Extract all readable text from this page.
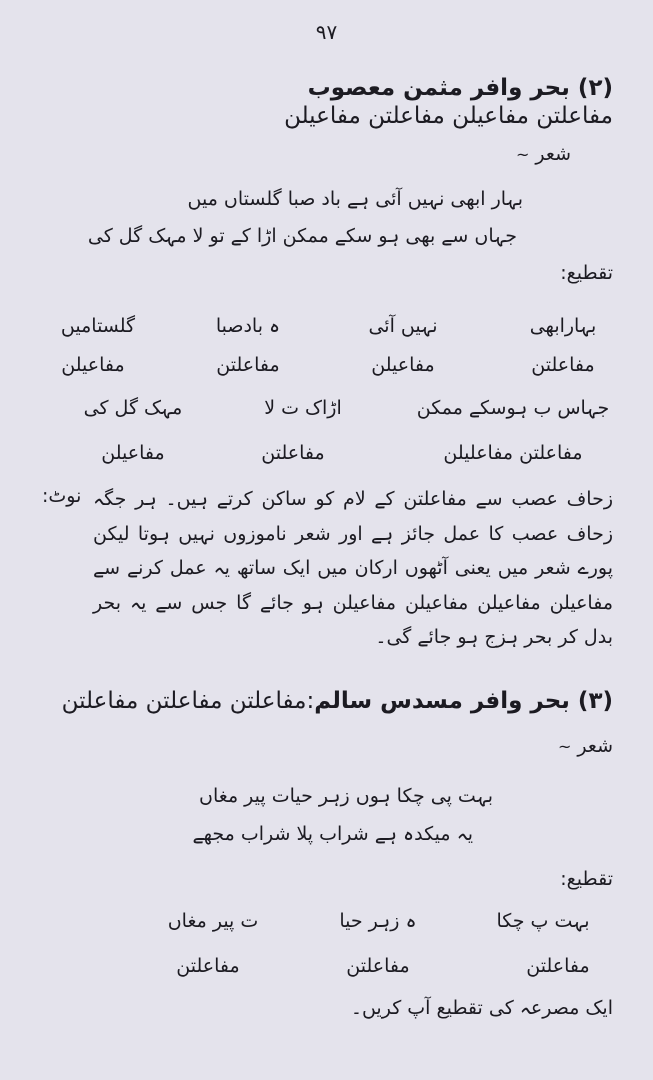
۹۷
(۲) بحر وافر مثمن معصوب
مفاعلتن مفاعیلن مفاعلتن مفاعیلن
شعر ~
بہار ابھی نہیں آئی ہے باد صبا گلستاں میں
جہاں سے بھی ہو سکے ممکن اڑا کے تو لا مہک گل کی
تقطیع:
بہارابھی
نہیں آئی
ہ بادصبا
گلستامیں
مفاعلتن
مفاعیلن
مفاعلتن
مفاعیلن
جہاس ب ہوسکے ممکن
اڑاک ت لا
مہک گل کی
مفاعلتن مفاعلیلن
مفاعلتن
مفاعیلن
نوٹ: زحاف عصب سے مفاعلتن کے لام کو ساکن کرتے ہیں۔ ہر جگہ زحاف عصب کا عمل جائز ہے اور شعر ناموزوں نہیں ہوتا لیکن پورے شعر میں یعنی آٹھوں ارکان میں ایک ساتھ یہ عمل کرنے سے مفاعیلن مفاعیلن مفاعیلن مفاعیلن ہو جائے گا جس سے یہ بحر بدل کر بحر ہزج ہو جائے گی۔
(۳) بحر وافر مسدس سالم:مفاعلتن مفاعلتن مفاعلتن
شعر ~
بہت پی چکا ہوں زہر حیات پیر مغاں
یہ میکدہ ہے شراب پلا شراب مجھے
تقطیع:
بہت پ چکا
ہ زہر حیا
ت پیر مغاں
مفاعلتن
مفاعلتن
مفاعلتن
ایک مصرعہ کی تقطیع آپ کریں۔
